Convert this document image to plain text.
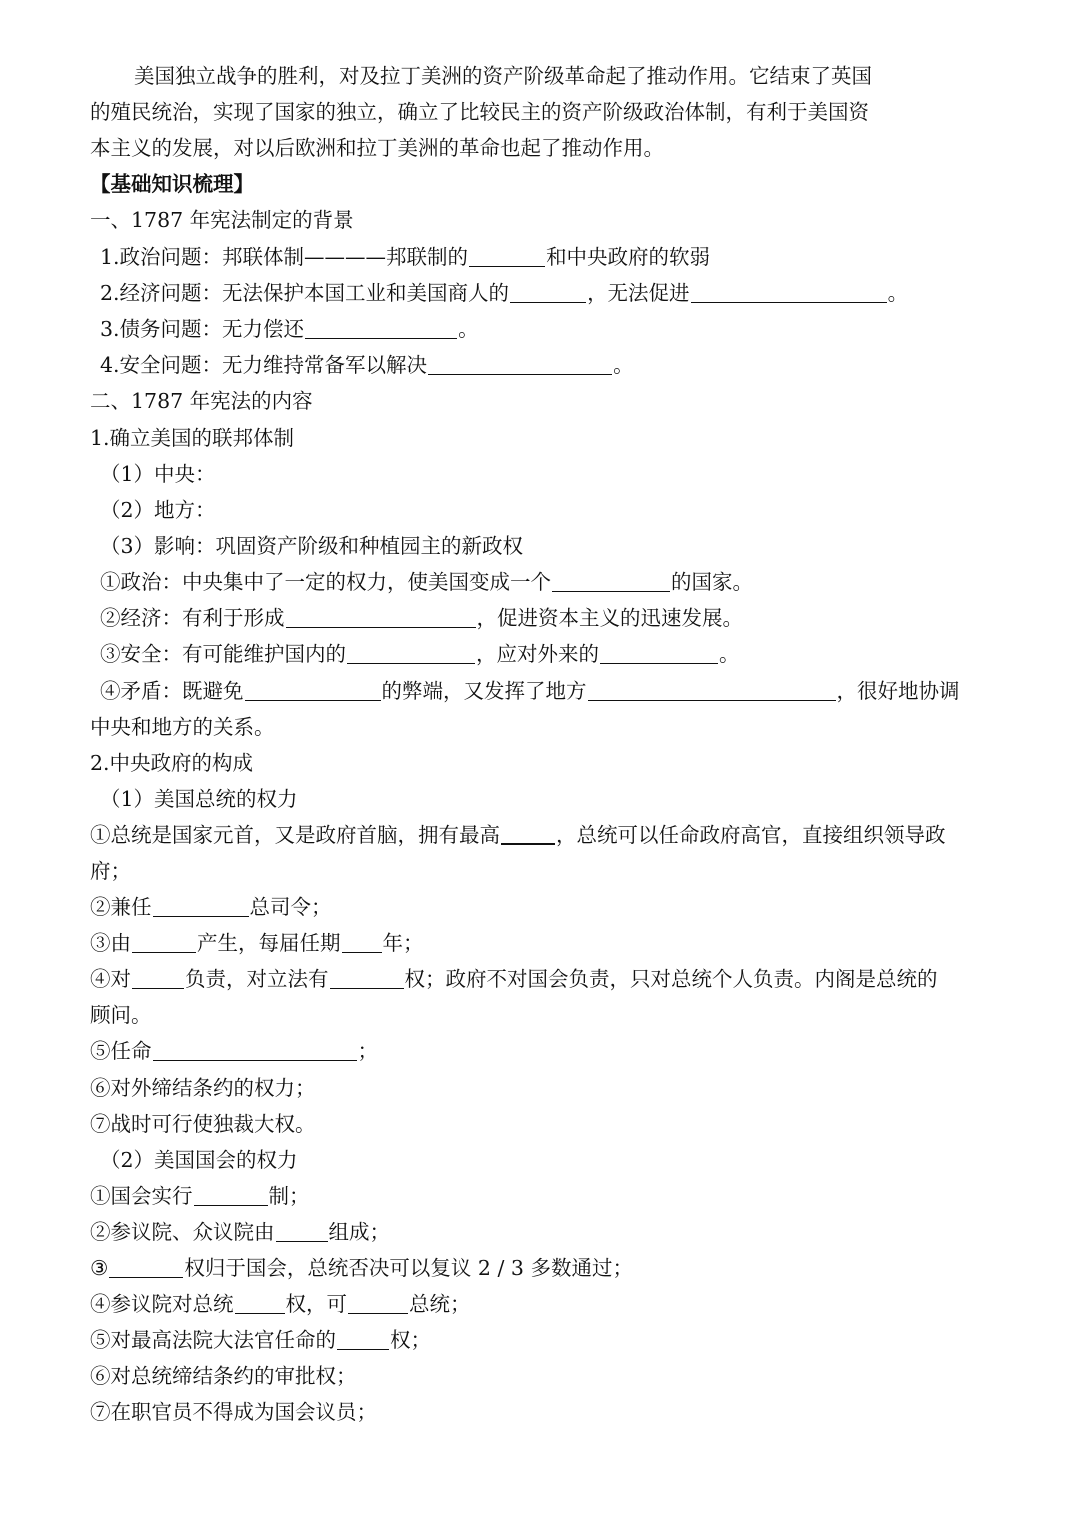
美国独立战争的胜利，对及拉丁美洲的资产阶级革命起了推动作用。它结束了英国
的殖民统治，实现了国家的独立，确立了比较民主的资产阶级政治体制，有利于美国资
本主义的发展，对以后欧洲和拉丁美洲的革命也起了推动作用。
【基础知识梳理】
一、1787 年宪法制定的背景
1.政治问题：邦联体制————邦联制的	和中央政府的软弱
2.经济问题：无法保护本国工业和美国商人的	，无法促进	。
3.债务问题：无力偿还	。
4.安全问题：无力维持常备军以解决	。
二、1787 年宪法的内容
1.确立美国的联邦体制
（1）中央：
（2）地方：
（3）影响：巩固资产阶级和种植园主的新政权
①政治：中央集中了一定的权力，使美国变成一个	的国家。
②经济：有利于形成	，促进资本主义的迅速发展。
③安全：有可能维护国内的	，应对外来的	。
④矛盾：既避免	的弊端，又发挥了地方	，很好地协调
中央和地方的关系。
2.中央政府的构成
（1）美国总统的权力
①总统是国家元首，又是政府首脑，拥有最高	，总统可以任命政府高官，直接组织领导政
府；
②兼任	总司令；
③由	产生，每届任期 年；
④对	负责，对立法有	权；政府不对国会负责，只对总统个人负责。内阁是总统的
顾问。
⑤任命	；
⑥对外缔结条约的权力；
⑦战时可行使独裁大权。
（2）美国国会的权力
①国会实行	制；
②参议院、众议院由	组成；
③	权归于国会，总统否决可以复议 2 / 3 多数通过；
④参议院对总统	权，可	总统；
⑤对最高法院大法官任命的	权；
⑥对总统缔结条约的审批权；
⑦在职官员不得成为国会议员；
